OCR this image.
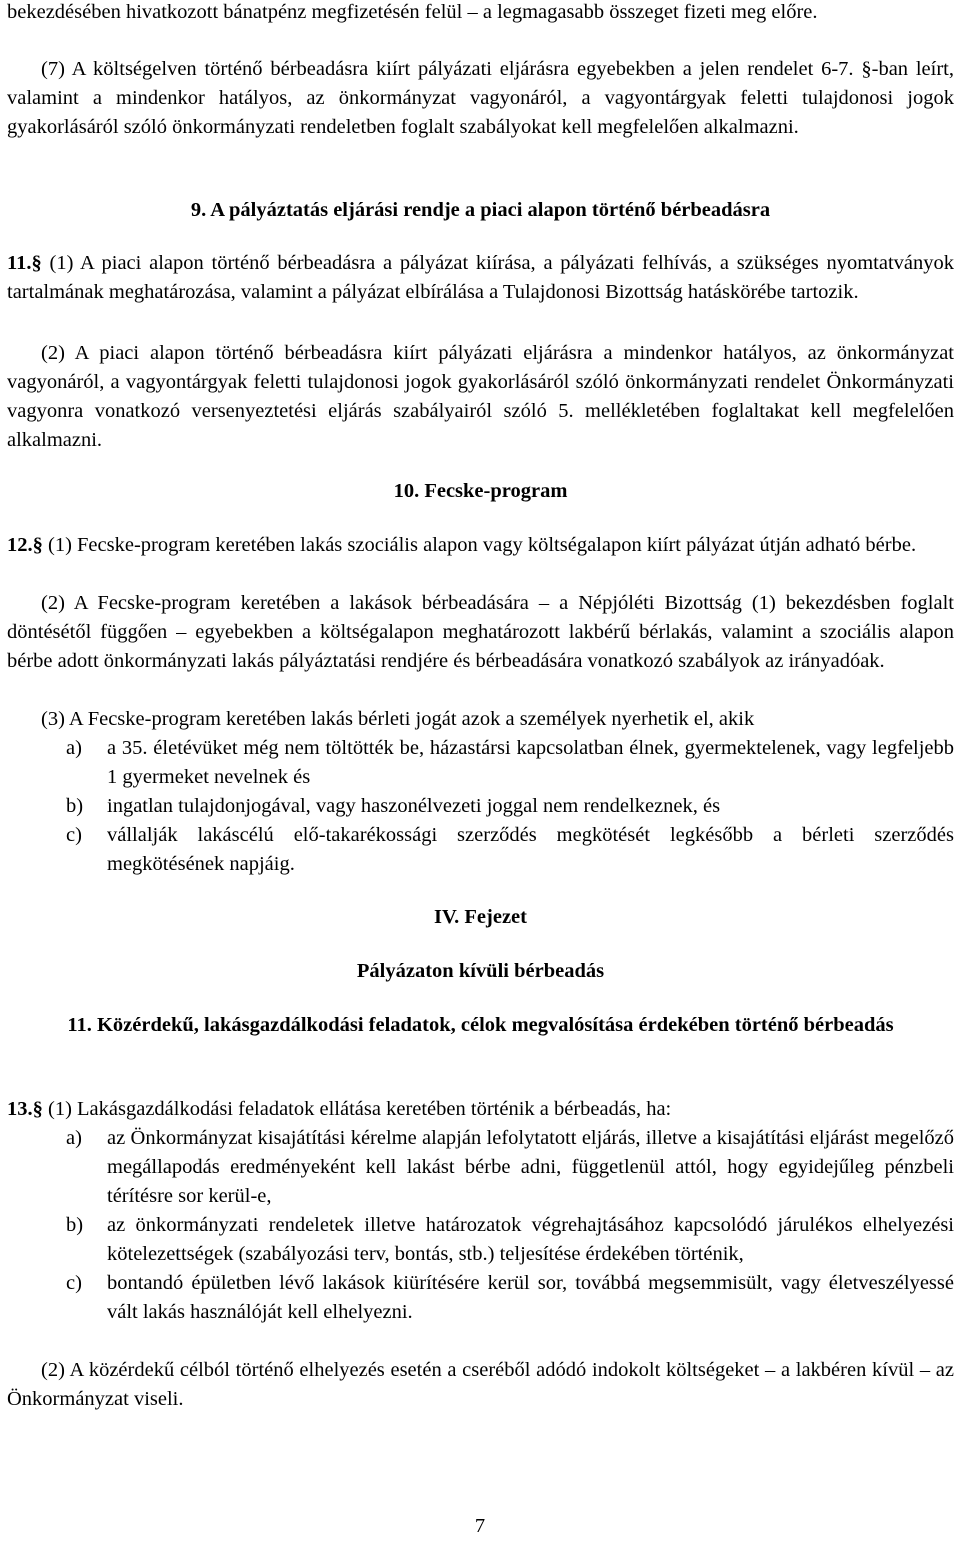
bekezdésében hivatkozott bánatpénz megfizetésén felül – a legmagasabb összeget fizeti meg előre.

(7) A költségelven történő bérbeadásra kiírt pályázati eljárásra egyebekben a jelen rendelet 6-7. §-ban leírt, valamint a mindenkor hatályos, az önkormányzat vagyonáról, a vagyontárgyak feletti tulajdonosi jogok gyakorlásáról szóló önkormányzati rendeletben foglalt szabályokat kell megfelelően alkalmazni.

9. A pályáztatás eljárási rendje a piaci alapon történő bérbeadásra

11.§ (1) A piaci alapon történő bérbeadásra a pályázat kiírása, a pályázati felhívás, a szükséges nyomtatványok tartalmának meghatározása, valamint a pályázat elbírálása a Tulajdonosi Bizottság hatáskörébe tartozik.

(2) A piaci alapon történő bérbeadásra kiírt pályázati eljárásra a mindenkor hatályos, az önkormányzat vagyonáról, a vagyontárgyak feletti tulajdonosi jogok gyakorlásáról szóló önkormányzati rendelet Önkormányzati vagyonra vonatkozó versenyeztetési eljárás szabályairól szóló 5. mellékletében foglaltakat kell megfelelően alkalmazni.

10. Fecske-program

12.§ (1) Fecske-program keretében lakás szociális alapon vagy költségalapon kiírt pályázat útján adható bérbe.

(2) A Fecske-program keretében a lakások bérbeadására – a Népjóléti Bizottság (1) bekezdésben foglalt döntésétől függően – egyebekben a költségalapon meghatározott lakbérű bérlakás, valamint a szociális alapon bérbe adott önkormányzati lakás pályáztatási rendjére és bérbeadására vonatkozó szabályok az irányadóak.

(3) A Fecske-program keretében lakás bérleti jogát azok a személyek nyerhetik el, akik

a) a 35. életévüket még nem töltötték be, házastársi kapcsolatban élnek, gyermektelenek, vagy legfeljebb 1 gyermeket nevelnek és
b) ingatlan tulajdonjogával, vagy haszonélvezeti joggal nem rendelkeznek, és
c) vállalják lakáscélú elő-takarékossági szerződés megkötését legkésőbb a bérleti szerződés megkötésének napjáig.

IV. Fejezet

Pályázaton kívüli bérbeadás

11. Közérdekű, lakásgazdálkodási feladatok, célok megvalósítása érdekében történő bérbeadás

13.§ (1) Lakásgazdálkodási feladatok ellátása keretében történik a bérbeadás, ha:

a) az Önkormányzat kisajátítási kérelme alapján lefolytatott eljárás, illetve a kisajátítási eljárást megelőző megállapodás eredményeként kell lakást bérbe adni, függetlenül attól, hogy egyidejűleg pénzbeli térítésre sor kerül-e,
b) az önkormányzati rendeletek illetve határozatok végrehajtásához kapcsolódó járulékos elhelyezési kötelezettségek (szabályozási terv, bontás, stb.) teljesítése érdekében történik,
c) bontandó épületben lévő lakások kiürítésére kerül sor, továbbá megsemmisült, vagy életveszélyessé vált lakás használóját kell elhelyezni.

(2) A közérdekű célból történő elhelyezés esetén a cseréből adódó indokolt költségeket – a lakbéren kívül – az Önkormányzat viseli.

7
